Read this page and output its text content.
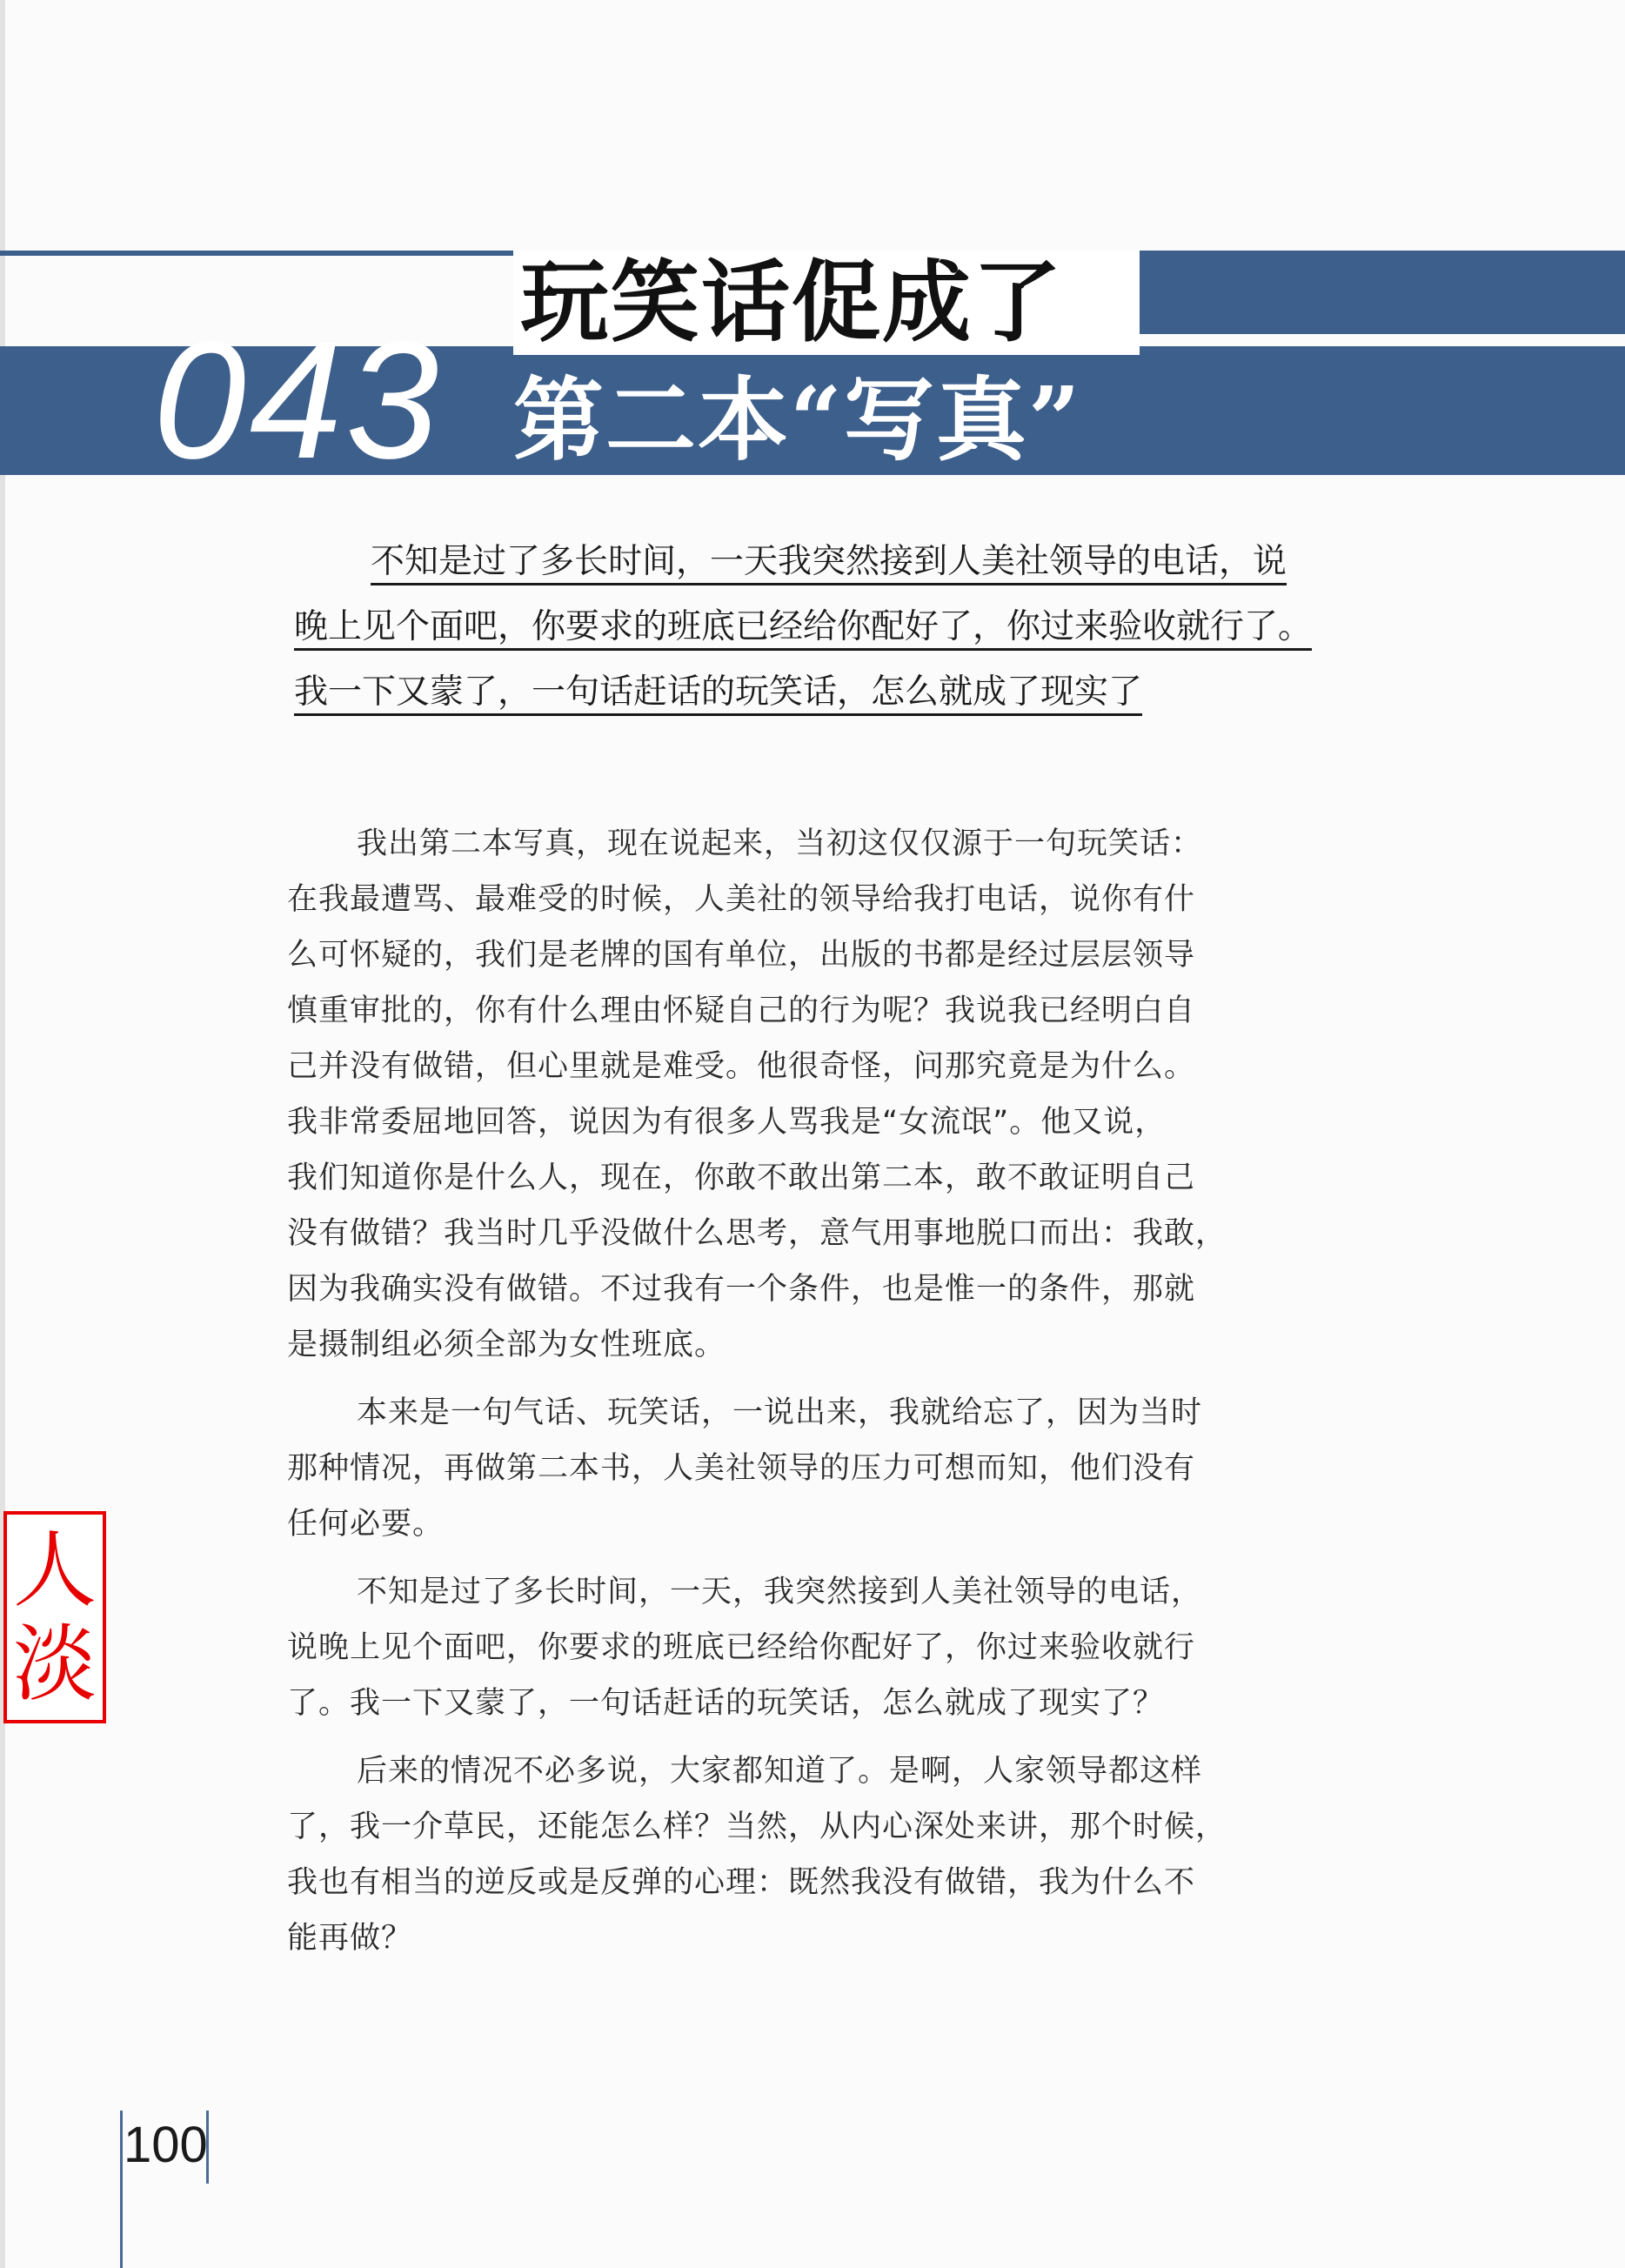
043
玩笑话促成了
第二本“写真”
不知是过了多长时间，一天我突然接到人美社领导的电话，说
晚上见个面吧，你要求的班底已经给你配好了，你过来验收就行了。
我一下又蒙了，一句话赶话的玩笑话，怎么就成了现实了
我出第二本写真，现在说起来，当初这仅仅源于一句玩笑话：
在我最遭骂、最难受的时候，人美社的领导给我打电话，说你有什
么可怀疑的，我们是老牌的国有单位，出版的书都是经过层层领导
慎重审批的，你有什么理由怀疑自己的行为呢？我说我已经明白自
己并没有做错，但心里就是难受。他很奇怪，问那究竟是为什么。
我非常委屈地回答，说因为有很多人骂我是“女流氓”。他又说，
我们知道你是什么人，现在，你敢不敢出第二本，敢不敢证明自己
没有做错？我当时几乎没做什么思考，意气用事地脱口而出：我敢，
因为我确实没有做错。不过我有一个条件，也是惟一的条件，那就
是摄制组必须全部为女性班底。
本来是一句气话、玩笑话，一说出来，我就给忘了，因为当时
那种情况，再做第二本书，人美社领导的压力可想而知，他们没有
任何必要。
不知是过了多长时间，一天，我突然接到人美社领导的电话，
说晚上见个面吧，你要求的班底已经给你配好了，你过来验收就行
了。我一下又蒙了，一句话赶话的玩笑话，怎么就成了现实了？
后来的情况不必多说，大家都知道了。是啊，人家领导都这样
了，我一介草民，还能怎么样？当然，从内心深处来讲，那个时候，
我也有相当的逆反或是反弹的心理：既然我没有做错，我为什么不
能再做？
人
淡
100
